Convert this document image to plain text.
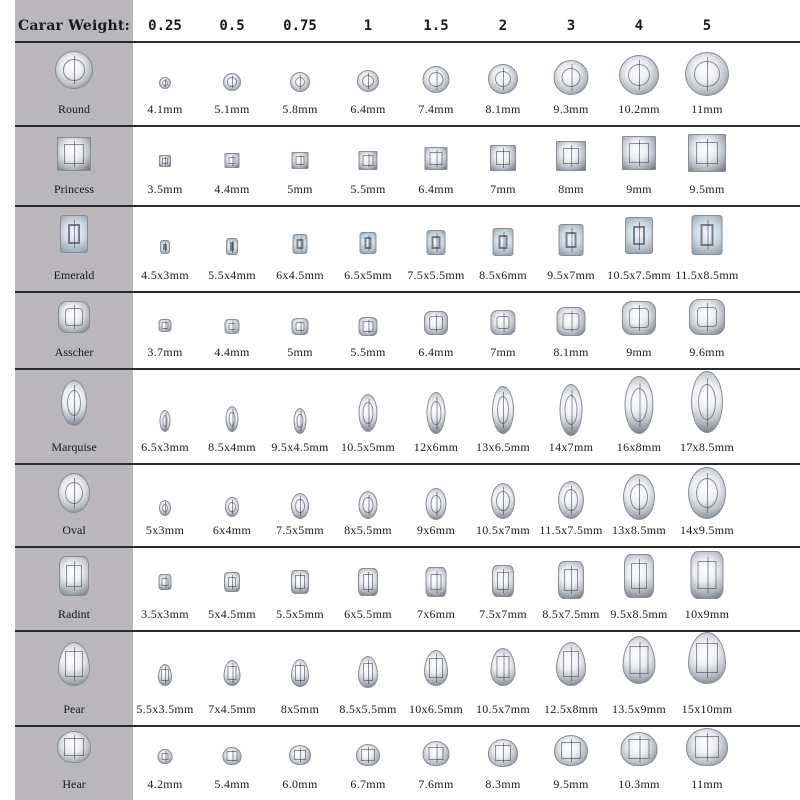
Carar Weight:	0.25	0.5	0.75	1	1.5	2	3	4	5
Round	4.1mm	5.1mm	5.8mm	6.4mm	7.4mm	8.1mm	9.3mm	10.2mm	11mm
Princess	3.5mm	4.4mm	5mm	5.5mm	6.4mm	7mm	8mm	9mm	9.5mm
Emerald	4.5x3mm	5.5x4mm	6x4.5mm	6.5x5mm	7.5x5.5mm	8.5x6mm	9.5x7mm	10.5x7.5mm 11.5x8.5mm
Asscher	3.7mm	4.4mm	5mm	5.5mm	6.4mm	7mm	8.1mm	9mm	9.6mm
Marquise	6.5x3mm	8.5x4mm	9.5x4.5mm	10.5x5mm	12x6mm	13x6.5mm	14x7mm	16x8mm	17x8.5mm
Oval	5x3mm	6x4mm	7.5x5mm	8x5.5mm	9x6mm	10.5x7mm 11.5x7.5mm 13x8.5mm	14x9.5mm
Radint	3.5x3mm	5x4.5mm	5.5x5mm	6x5.5mm	7x6mm	7.5x7mm	8.5x7.5mm 9.5x8.5mm	10x9mm
Pear	5.5x3.5mm	7x4.5mm	8x5mm	8.5x5.5mm	10x6.5mm	10.5x7mm	12.5x8mm	13.5x9mm	15x10mm
Hear	4.2mm	5.4mm	6.0mm	6.7mm	7.6mm	8.3mm	9.5mm	10.3mm	11mm
